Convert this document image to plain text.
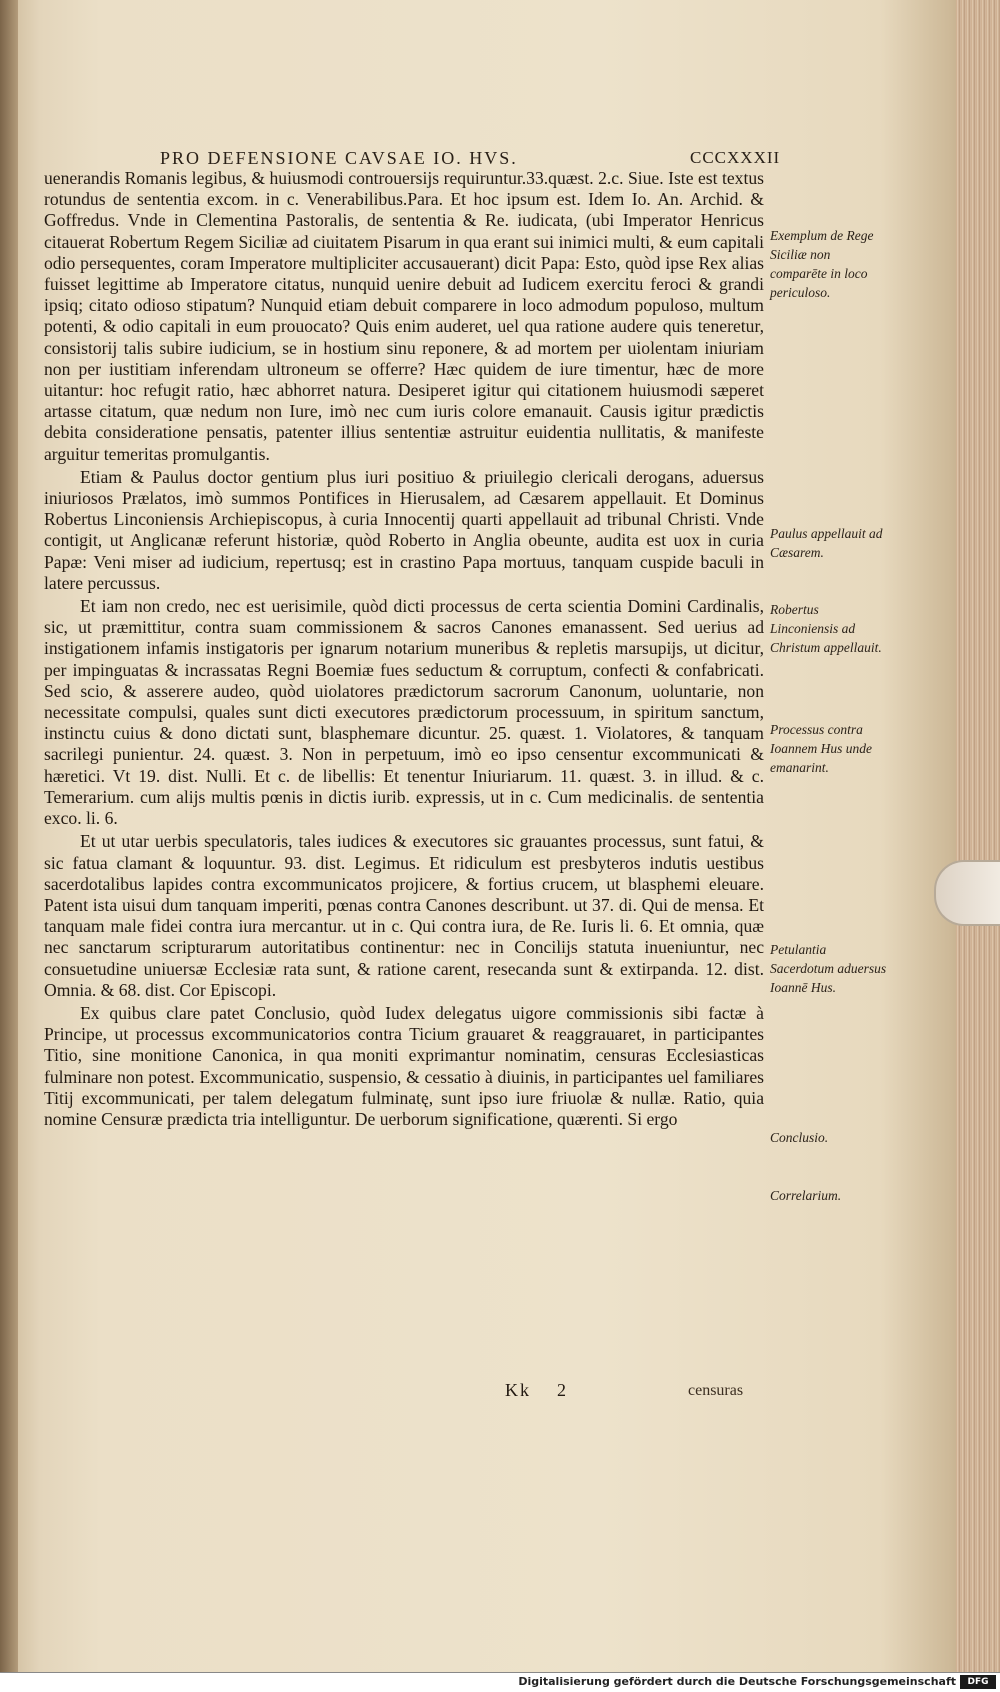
PRO DEFENSIONE CAVSAE IO. HVS.	CCCXXXII

uenerandis Romanis legibus, & huiusmodi controuersijs requiruntur.33.quæst. 2.c. Siue. Iste est textus rotundus de sententia excom. in c. Venerabilibus.Para. Et hoc ipsum est. Idem Io. An. Archid. & Goffredus. Vnde in Clementina Pastoralis, de sententia & Re. iudicata, (ubi Imperator Henricus citauerat Robertum Regem Siciliæ ad ciuitatem Pisarum in qua erant sui inimici multi, & eum capitali odio persequentes, coram Imperatore multipliciter accusauerant) dicit Papa: Esto, quòd ipse Rex alias fuisset legittime ab Imperatore citatus, nunquid uenire debuit ad Iudicem exercitu feroci & grandi ipsiq; citato odioso stipatum? Nunquid etiam debuit comparere in loco admodum populoso, multum potenti, & odio capitali in eum prouocato? Quis enim auderet, uel qua ratione audere quis teneretur, consistorij talis subire iudicium, se in hostium sinu reponere, & ad mortem per uiolentam iniuriam non per iustitiam inferendam ultroneum se offerre? Hæc quidem de iure timentur, hæc de more uitantur: hoc refugit ratio, hæc abhorret natura. Desiperet igitur qui citationem huiusmodi sæperet artasse citatum, quæ nedum non Iure, imò nec cum iuris colore emanauit. Causis igitur prædictis debita consideratione pensatis, patenter illius sententiæ astruitur euidentia nullitatis, & manifeste arguitur temeritas promulgantis.

Etiam & Paulus doctor gentium plus iuri positiuo & priuilegio clericali derogans, aduersus iniuriosos Prælatos, imò summos Pontifices in Hierusalem, ad Cæsarem appellauit. Et Dominus Robertus Linconiensis Archiepiscopus, à curia Innocentij quarti appellauit ad tribunal Christi. Vnde contigit, ut Anglicanæ referunt historiæ, quòd Roberto in Anglia obeunte, audita est uox in curia Papæ: Veni miser ad iudicium, repertusq; est in crastino Papa mortuus, tanquam cuspide baculi in latere percussus.

Et iam non credo, nec est uerisimile, quòd dicti processus de certa scientia Domini Cardinalis, sic, ut præmittitur, contra suam commissionem & sacros Canones emanassent. Sed uerius ad instigationem infamis instigatoris per ignarum notarium muneribus & repletis marsupijs, ut dicitur, per impinguatas & incrassatas Regni Boemiæ fues seductum & corruptum, confecti & confabricati. Sed scio, & asserere audeo, quòd uiolatores prædictorum sacrorum Canonum, uoluntarie, non necessitate compulsi, quales sunt dicti executores prædictorum processuum, in spiritum sanctum, instinctu cuius & dono dictati sunt, blasphemare dicuntur. 25. quæst. 1. Violatores, & tanquam sacrilegi punientur. 24. quæst. 3. Non in perpetuum, imò eo ipso censentur excommunicati & hæretici. Vt 19. dist. Nulli. Et c. de libellis: Et tenentur Iniuriarum. 11. quæst. 3. in illud. & c. Temerarium. cum alijs multis pœnis in dictis iurib. expressis, ut in c. Cum medicinalis. de sententia exco. li. 6.

Et ut utar uerbis speculatoris, tales iudices & executores sic grauantes processus, sunt fatui, & sic fatua clamant & loquuntur. 93. dist. Legimus. Et ridiculum est presbyteros indutis uestibus sacerdotalibus lapides contra excommunicatos projicere, & fortius crucem, ut blasphemi eleuare. Patent ista uisui dum tanquam imperiti, pœnas contra Canones describunt. ut 37. di. Qui de mensa. Et tanquam male fidei contra iura mercantur. ut in c. Qui contra iura, de Re. Iuris li. 6. Et omnia, quæ nec sanctarum scripturarum autoritatibus continentur: nec in Concilijs statuta inueniuntur, nec consuetudine uniuersæ Ecclesiæ rata sunt, & ratione carent, resecanda sunt & extirpanda. 12. dist. Omnia. & 68. dist. Cor Episcopi.

Ex quibus clare patet Conclusio, quòd Iudex delegatus uigore commissionis sibi factæ à Principe, ut processus excommunicatorios contra Ticium grauaret & reaggrauaret, in participantes Titio, sine monitione Canonica, in qua moniti exprimantur nominatim, censuras Ecclesiasticas fulminare non potest. Excommunicatio, suspensio, & cessatio à diuinis, in participantes uel familiares Titij excommunicati, per talem delegatum fulminatę, sunt ipso iure friuolæ & nullæ. Ratio, quia nomine Censuræ prædicta tria intelliguntur. De uerborum significatione, quærenti. Si ergo

Exemplum de Rege Siciliæ non comparēte in loco periculoso.
Paulus appellauit ad Cæsarem.
Robertus Linconiensis ad Christum appellauit.
Processus contra Ioannem Hus unde emanarint.
Petulantia Sacerdotum aduersus Ioannē Hus.
Conclusio.
Correlarium.
Kk    2	censuras
Digitalisierung gefördert durch die Deutsche Forschungsgemeinschaft	DFG
